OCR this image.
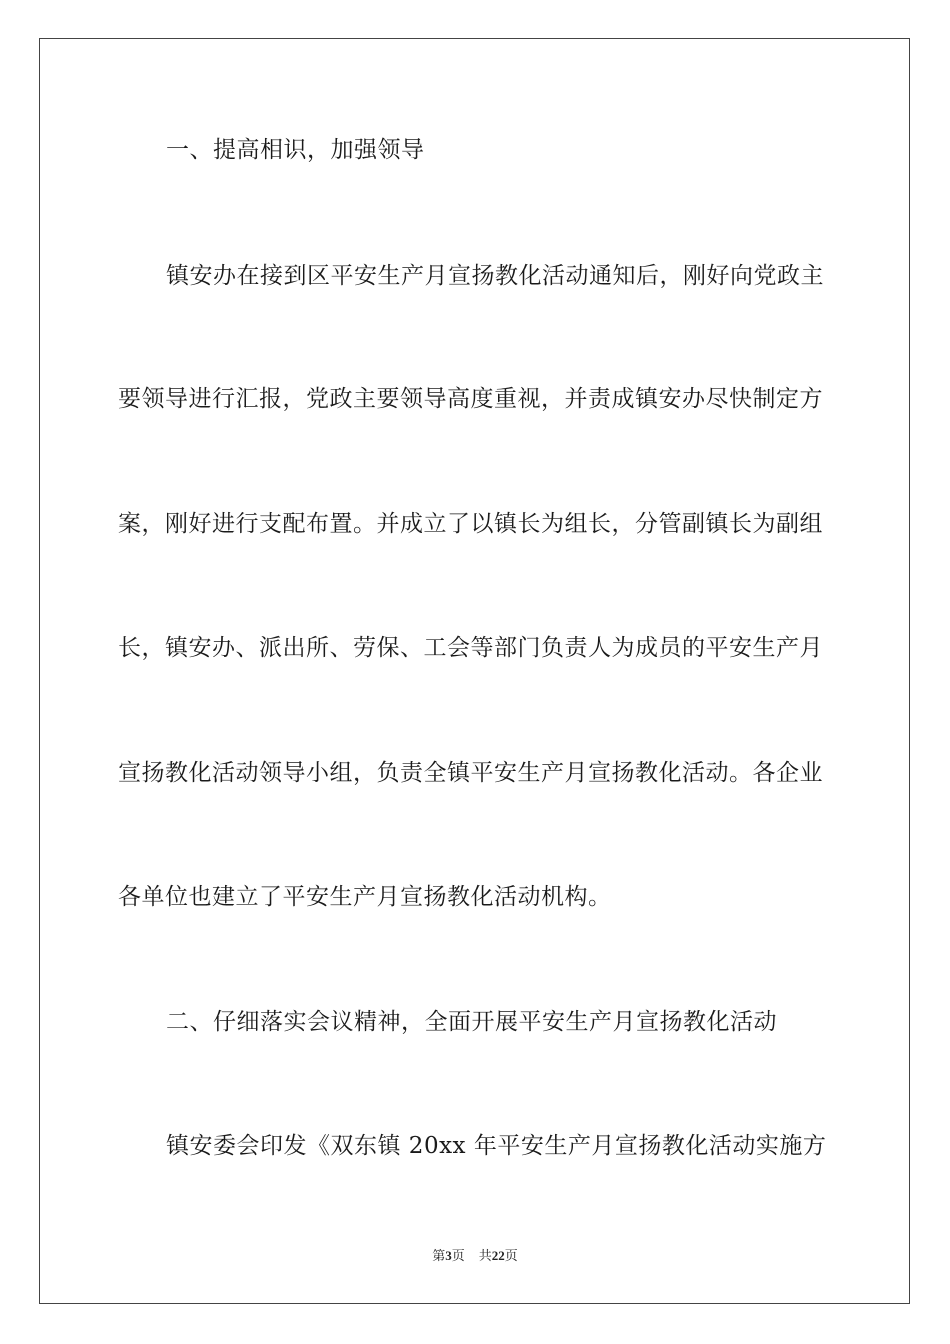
一、提高相识，加强领导
镇安办在接到区平安生产月宣扬教化活动通知后，刚好向党政主
要领导进行汇报，党政主要领导高度重视，并责成镇安办尽快制定方
案，刚好进行支配布置。并成立了以镇长为组长，分管副镇长为副组
长，镇安办、派出所、劳保、工会等部门负责人为成员的平安生产月
宣扬教化活动领导小组，负责全镇平安生产月宣扬教化活动。各企业
各单位也建立了平安生产月宣扬教化活动机构。
二、仔细落实会议精神，全面开展平安生产月宣扬教化活动
镇安委会印发《双东镇 20xx 年平安生产月宣扬教化活动实施方
第3页 共22页
